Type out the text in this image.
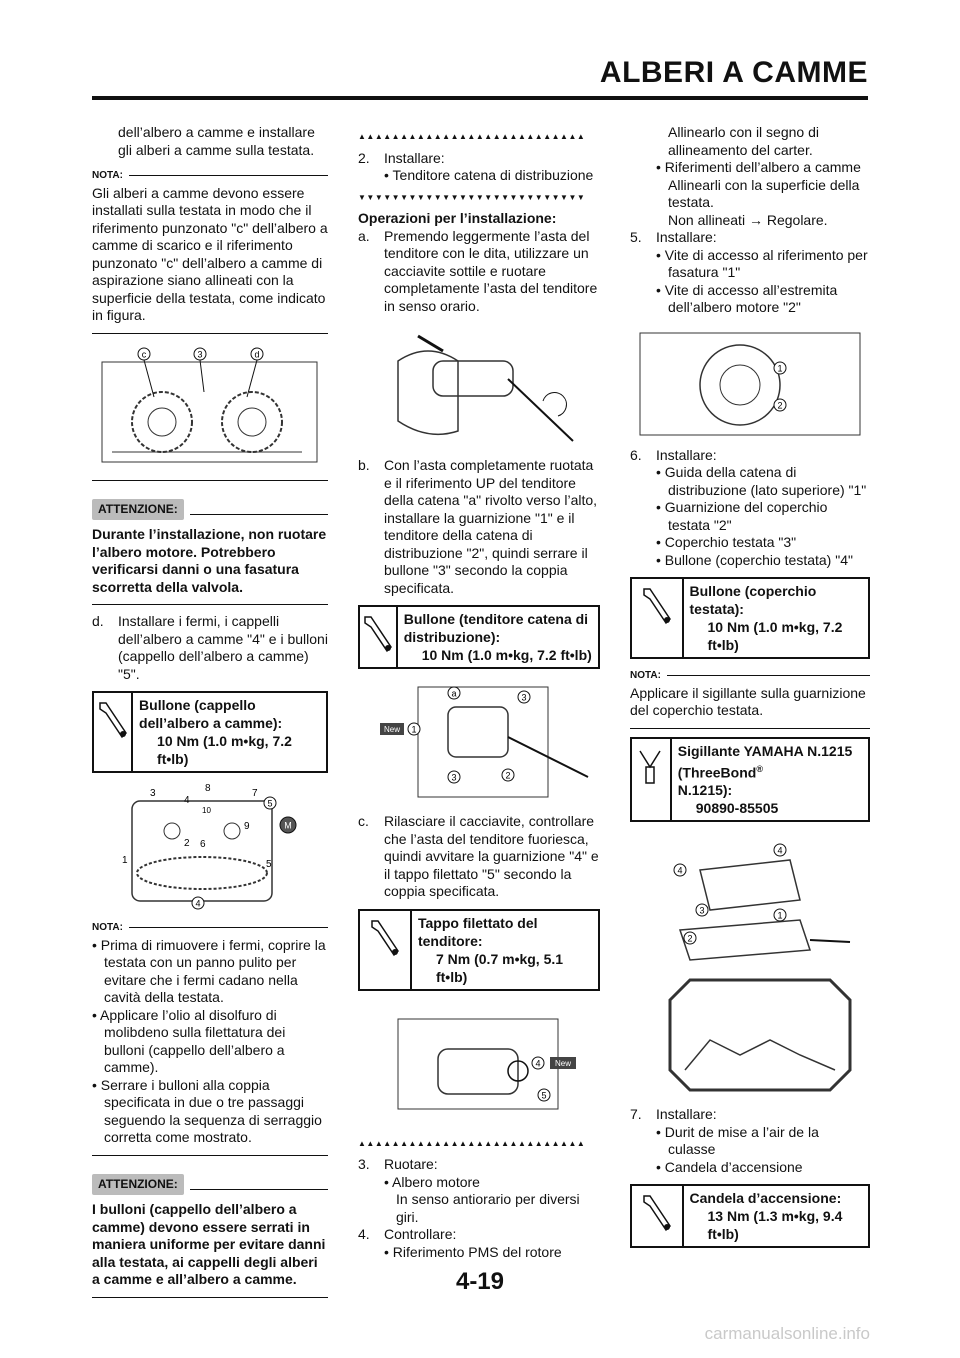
ALBERI A CAMME

dell’albero a camme e installare gli alberi a camme sulla testata.

NOTA:

Gli alberi a camme devono essere installati sulla testata in modo che il riferimento punzonato "c" dell’albero a camme di scarico e il riferimento punzonato "c" dell’albero a camme di aspirazione siano allineati con la superficie della testata, come indicato in figura.

c	3	d
ATTENZIONE:

Durante l’installazione, non ruotare l’albero motore. Potrebbero verificarsi danni o una fasatura scorretta della valvola.

d. Installare i fermi, i cappelli dell’albero a camme "4" e i bulloni (cappello dell’albero a camme) "5".
Bullone (cappello dell’albero a camme):
10 Nm (1.0 m•kg, 7.2 ft•lb)
3
4
8	7
5
10
9
1
2 6
5
4
M
NOTA:
• Prima di rimuovere i fermi, coprire la testata con un panno pulito per evitare che i fermi cadano nella cavità della testata.
• Applicare l’olio al disolfuro di molibdeno sulla filettatura dei bulloni (cappello dell’albero a camme).
• Serrare i bulloni alla coppia specificata in due o tre passaggi seguendo la sequenza di serraggio corretta come mostrato.
ATTENZIONE:

I bulloni (cappello dell’albero a camme) devono essere serrati in maniera uniforme per evitare danni alla testata, ai cappelli degli alberi a camme e all’albero a camme.

▲▲▲▲▲▲▲▲▲▲▲▲▲▲▲▲▲▲▲▲▲▲▲▲▲▲▲
2. Installare:
• Tenditore catena di distribuzione
▼▼▼▼▼▼▼▼▼▼▼▼▼▼▼▼▼▼▼▼▼▼▼▼▼▼▼

Operazioni per l’installazione:

a. Premendo leggermente l’asta del tenditore con le dita, utilizzare un cacciavite sottile e ruotare completamente l’asta del tenditore in senso orario.
b. Con l’asta completamente ruotata e il riferimento UP del tenditore della catena "a" rivolto verso l’alto, installare la guarnizione "1" e il tenditore della catena di distribuzione "2", quindi serrare il bullone "3" secondo la coppia specificata.
Bullone (tenditore catena di distribuzione):
10 Nm (1.0 m•kg, 7.2 ft•lb)
a	3
New 1
3	2
c. Rilasciare il cacciavite, controllare che l’asta del tenditore fuoriesca, quindi avvitare la guarnizione "4" e il tappo filettato "5" secondo la coppia specificata.
Tappo filettato del tenditore:
7 Nm (0.7 m•kg, 5.1 ft•lb)
4 New
5
▲▲▲▲▲▲▲▲▲▲▲▲▲▲▲▲▲▲▲▲▲▲▲▲▲▲▲
3. Ruotare:
• Albero motore

In senso antiorario per diversi giri.

4. Controllare:
• Riferimento PMS del rotore

Allinearlo con il segno di allineamento del carter.

• Riferimenti dell’albero a camme

Allinearli con la superficie della testata.

Non allineati → Regolare.

5. Installare:
• Vite di accesso al riferimento per fasatura "1"
• Vite di accesso all’estremita dell’albero motore "2"
1
2
6. Installare:
• Guida della catena di distribuzione (lato superiore) "1"
• Guarnizione del coperchio testata "2"
• Coperchio testata "3"
• Bullone (coperchio testata) "4"
Bullone (coperchio testata):
10 Nm (1.0 m•kg, 7.2 ft•lb)
NOTA:

Applicare il sigillante sulla guarnizione del coperchio testata.

Sigillante YAMAHA N.1215 (ThreeBond®
N.1215):
90890-85505
4
4
3	1
2
7. Installare:
• Durit de mise a l’air de la culasse
• Candela d’accensione
Candela d’accensione:
13 Nm (1.3 m•kg, 9.4 ft•lb)
4-19
carmanualsonline.info
